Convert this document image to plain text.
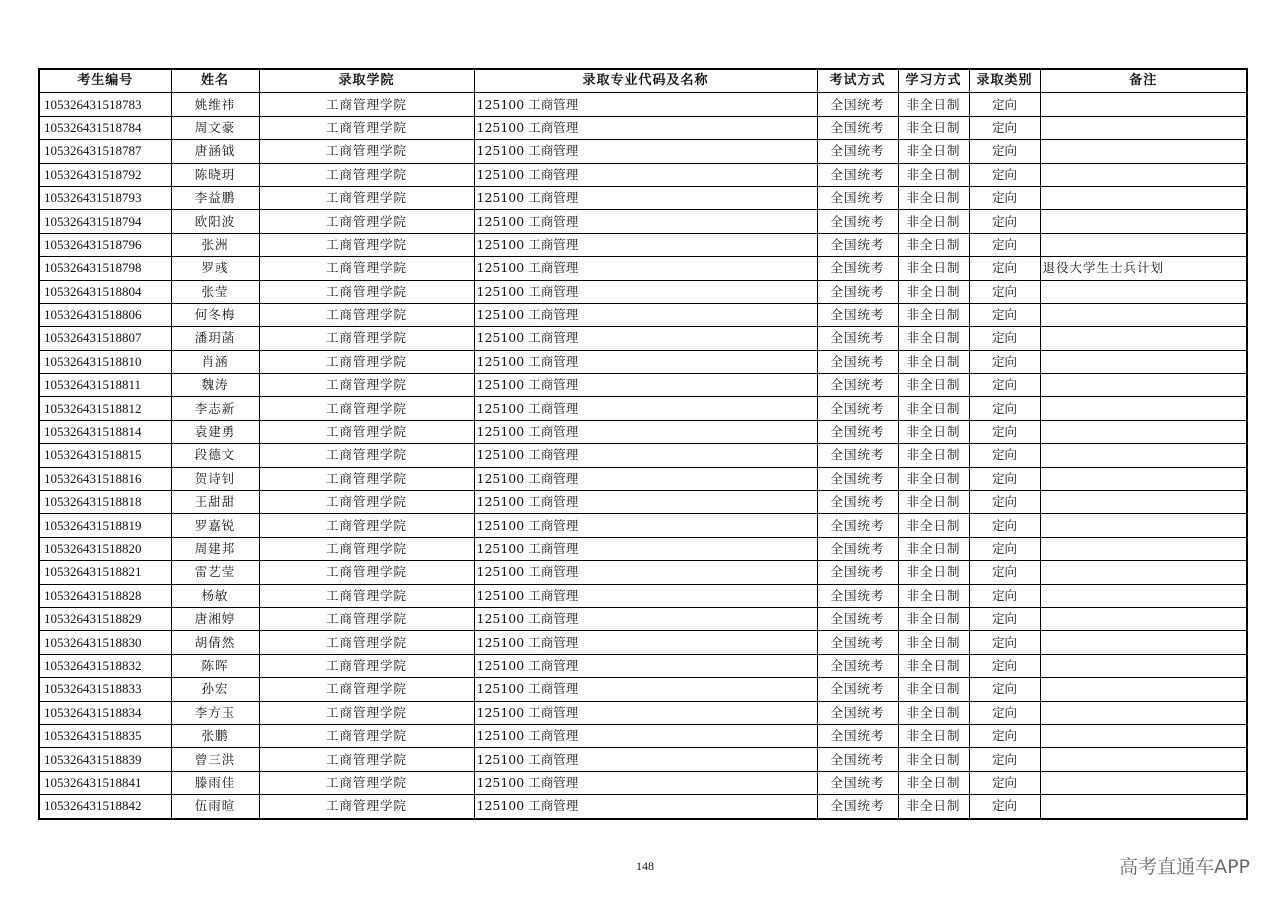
考生编号	姓名	录取学院	录取专业代码及名称	考试方式	学习方式	录取类别	备注
105326431518783	姚维祎	工商管理学院	125100 工商管理	全国统考	非全日制	定向	
105326431518784	周文豪	工商管理学院	125100 工商管理	全国统考	非全日制	定向	
105326431518787	唐涵钺	工商管理学院	125100 工商管理	全国统考	非全日制	定向	
105326431518792	陈晓玥	工商管理学院	125100 工商管理	全国统考	非全日制	定向	
105326431518793	李益鹏	工商管理学院	125100 工商管理	全国统考	非全日制	定向	
105326431518794	欧阳波	工商管理学院	125100 工商管理	全国统考	非全日制	定向	
105326431518796	张洲	工商管理学院	125100 工商管理	全国统考	非全日制	定向	
105326431518798	罗彧	工商管理学院	125100 工商管理	全国统考	非全日制	定向	退役大学生士兵计划
105326431518804	张莹	工商管理学院	125100 工商管理	全国统考	非全日制	定向	
105326431518806	何冬梅	工商管理学院	125100 工商管理	全国统考	非全日制	定向	
105326431518807	潘玥菡	工商管理学院	125100 工商管理	全国统考	非全日制	定向	
105326431518810	肖涵	工商管理学院	125100 工商管理	全国统考	非全日制	定向	
105326431518811	魏涛	工商管理学院	125100 工商管理	全国统考	非全日制	定向	
105326431518812	李志新	工商管理学院	125100 工商管理	全国统考	非全日制	定向	
105326431518814	袁建勇	工商管理学院	125100 工商管理	全国统考	非全日制	定向	
105326431518815	段德文	工商管理学院	125100 工商管理	全国统考	非全日制	定向	
105326431518816	贺诗钊	工商管理学院	125100 工商管理	全国统考	非全日制	定向	
105326431518818	王甜甜	工商管理学院	125100 工商管理	全国统考	非全日制	定向	
105326431518819	罗嘉锐	工商管理学院	125100 工商管理	全国统考	非全日制	定向	
105326431518820	周建邦	工商管理学院	125100 工商管理	全国统考	非全日制	定向	
105326431518821	雷艺莹	工商管理学院	125100 工商管理	全国统考	非全日制	定向	
105326431518828	杨敏	工商管理学院	125100 工商管理	全国统考	非全日制	定向	
105326431518829	唐湘婷	工商管理学院	125100 工商管理	全国统考	非全日制	定向	
105326431518830	胡倩然	工商管理学院	125100 工商管理	全国统考	非全日制	定向	
105326431518832	陈晖	工商管理学院	125100 工商管理	全国统考	非全日制	定向	
105326431518833	孙宏	工商管理学院	125100 工商管理	全国统考	非全日制	定向	
105326431518834	李方玉	工商管理学院	125100 工商管理	全国统考	非全日制	定向	
105326431518835	张鹏	工商管理学院	125100 工商管理	全国统考	非全日制	定向	
105326431518839	曾三洪	工商管理学院	125100 工商管理	全国统考	非全日制	定向	
105326431518841	滕雨佳	工商管理学院	125100 工商管理	全国统考	非全日制	定向	
105326431518842	伍雨暄	工商管理学院	125100 工商管理	全国统考	非全日制	定向	
148	高考直通车APP
